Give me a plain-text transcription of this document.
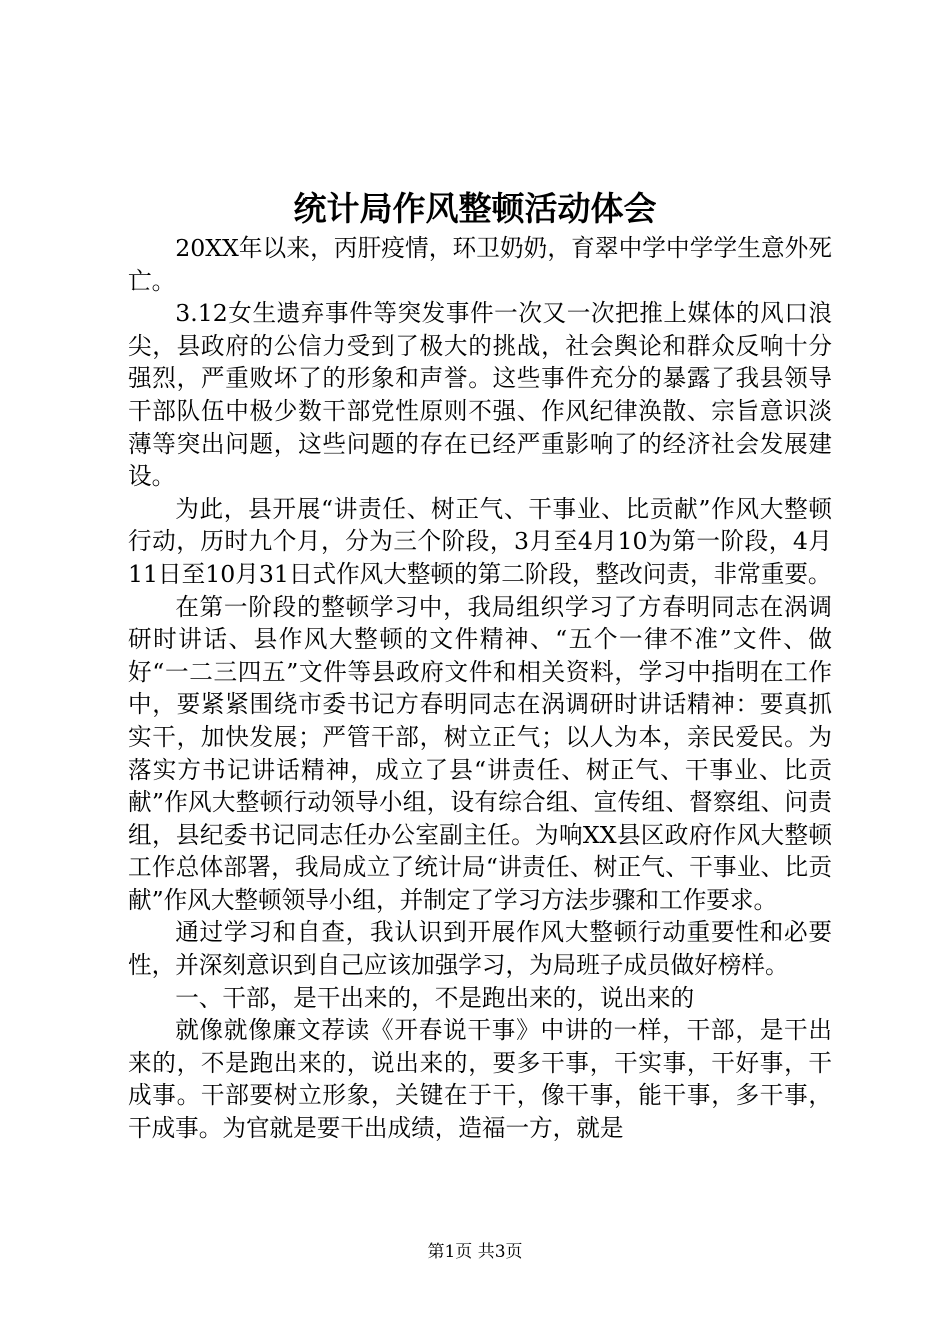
统计局作风整顿活动体会

20XX年以来，丙肝疫情，环卫奶奶，育翠中学中学学生意外死亡。

3.12女生遗弃事件等突发事件一次又一次把推上媒体的风口浪尖，县政府的公信力受到了极大的挑战，社会舆论和群众反响十分强烈，严重败坏了的形象和声誉。这些事件充分的暴露了我县领导干部队伍中极少数干部党性原则不强、作风纪律涣散、宗旨意识淡薄等突出问题，这些问题的存在已经严重影响了的经济社会发展建设。

为此，县开展“讲责任、树正气、干事业、比贡献”作风大整顿行动，历时九个月，分为三个阶段，3月至4月10为第一阶段，4月11日至10月31日式作风大整顿的第二阶段，整改问责，非常重要。

在第一阶段的整顿学习中，我局组织学习了方春明同志在涡调研时讲话、县作风大整顿的文件精神、“五个一律不准”文件、做好“一二三四五”文件等县政府文件和相关资料，学习中指明在工作中，要紧紧围绕市委书记方春明同志在涡调研时讲话精神：要真抓实干，加快发展；严管干部，树立正气；以人为本，亲民爱民。为落实方书记讲话精神，成立了县“讲责任、树正气、干事业、比贡献”作风大整顿行动领导小组，设有综合组、宣传组、督察组、问责组，县纪委书记同志任办公室副主任。为响XX县区政府作风大整顿工作总体部署，我局成立了统计局“讲责任、树正气、干事业、比贡献”作风大整顿领导小组，并制定了学习方法步骤和工作要求。

通过学习和自查，我认识到开展作风大整顿行动重要性和必要性，并深刻意识到自己应该加强学习，为局班子成员做好榜样。

一、干部，是干出来的，不是跑出来的，说出来的

就像就像廉文荐读《开春说干事》中讲的一样，干部，是干出来的，不是跑出来的，说出来的，要多干事，干实事，干好事，干成事。干部要树立形象，关键在于干，像干事，能干事，多干事，干成事。为官就是要干出成绩，造福一方，就是

第1页 共3页
